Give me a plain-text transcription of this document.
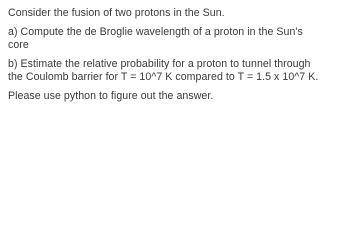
Consider the fusion of two protons in the Sun.

a) Compute the de Broglie wavelength of a proton in the Sun's
core

b) Estimate the relative probability for a proton to tunnel through
the Coulomb barrier for T = 10^7 K compared to T = 1.5 x 10^7 K.

Please use python to figure out the answer.
